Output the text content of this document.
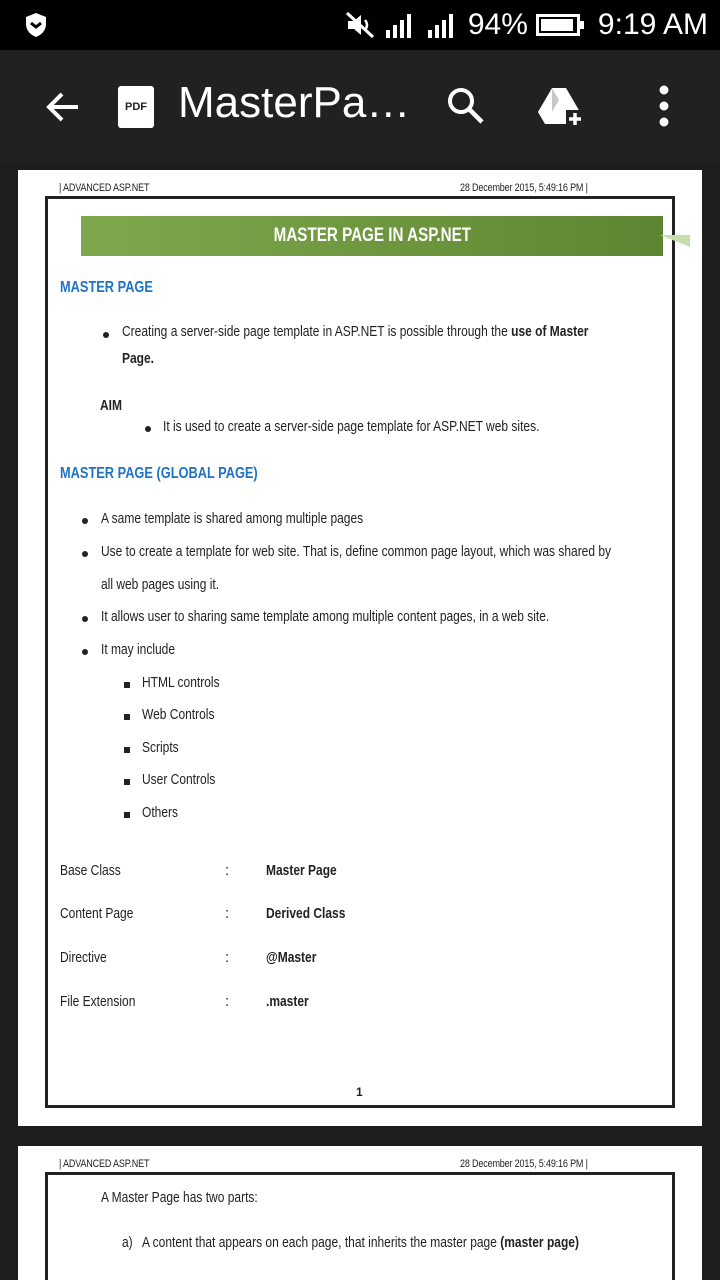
94% 9:19 AM
PDF MasterPa…
| ADVANCED ASP.NET	28 December 2015, 5:49:16 PM |
MASTER PAGE IN ASP.NET
MASTER PAGE
Creating a server-side page template in ASP.NET is possible through the use of Master
Page.
AIM
It is used to create a server-side page template for ASP.NET web sites.
MASTER PAGE (GLOBAL PAGE)
A same template is shared among multiple pages
Use to create a template for web site. That is, define common page layout, which was shared by
all web pages using it.
It allows user to sharing same template among multiple content pages, in a web site.
It may include
HTML controls
Web Controls
Scripts
User Controls
Others
Base Class	: Master Page
Content Page	: Derived Class
Directive	: @Master
File Extension	: .master
1
| ADVANCED ASP.NET	28 December 2015, 5:49:16 PM |
A Master Page has two parts:
a) A content that appears on each page, that inherits the master page (master page)
